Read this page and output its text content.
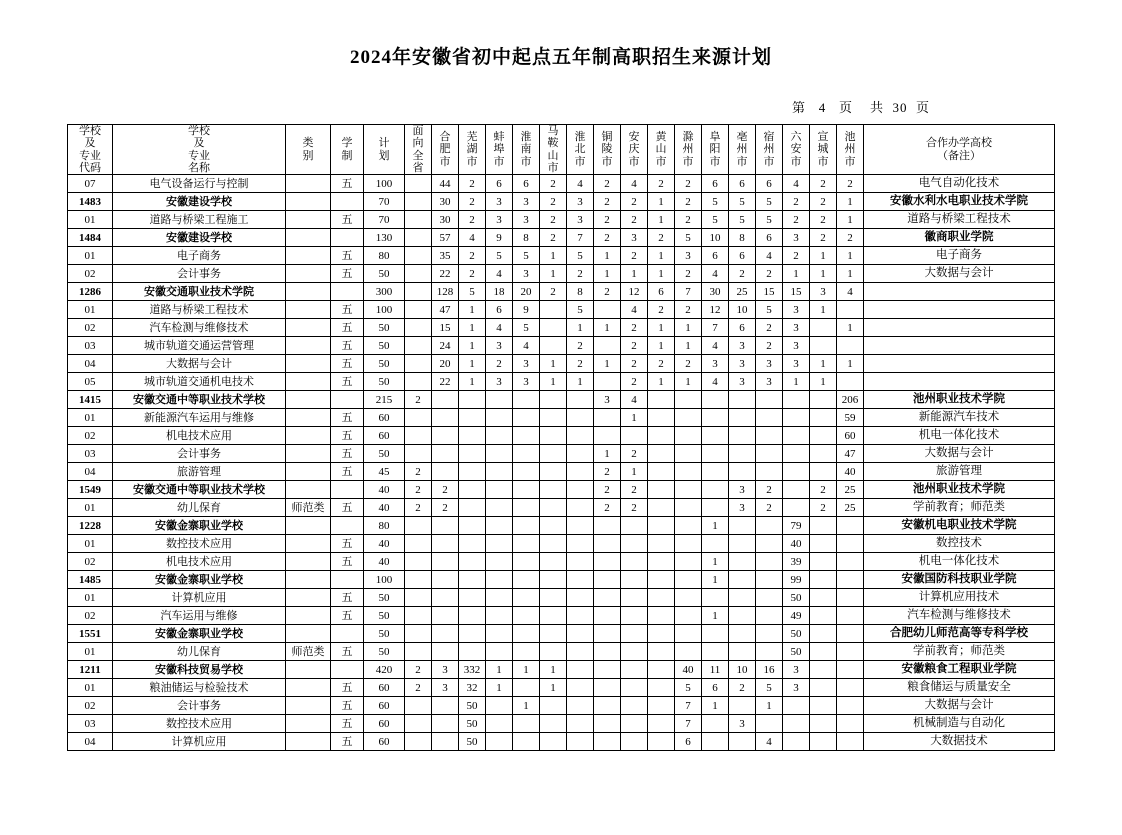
2024年安徽省初中起点五年制高职招生来源计划
第 4 页 共 30 页
学校
及
专业
代码	学校
及
专业
名称	类
别	学
制	计
划	面
向
全
省	合
肥
市	芜
湖
市	蚌
埠
市	淮
南
市	马
鞍
山
市	淮
北
市	铜
陵
市	安
庆
市	黄
山
市	滁
州
市	阜
阳
市	亳
州
市	宿
州
市	六
安
市	宣
城
市	池
州
市	合作办学高校
（备注）

07	电气设备运行与控制		五	100		44	2	6	6	2	4	2	4	2	2	6	6	6	4	2	2	电气自动化技术
1483	安徽建设学校			70		30	2	3	3	2	3	2	2	1	2	5	5	5	2	2	1	安徽水利水电职业技术学院
01	道路与桥梁工程施工		五	70		30	2	3	3	2	3	2	2	1	2	5	5	5	2	2	1	道路与桥梁工程技术
1484	安徽建设学校			130		57	4	9	8	2	7	2	3	2	5	10	8	6	3	2	2	徽商职业学院
01	电子商务		五	80		35	2	5	5	1	5	1	2	1	3	6	6	4	2	1	1	电子商务
02	会计事务		五	50		22	2	4	3	1	2	1	1	1	2	4	2	2	1	1	1	大数据与会计
1286	安徽交通职业技术学院			300		128	5	18	20	2	8	2	12	6	7	30	25	15	15	3	4	
01	道路与桥梁工程技术		五	100		47	1	6	9		5		4	2	2	12	10	5	3	1		
02	汽车检测与维修技术		五	50		15	1	4	5		1	1	2	1	1	7	6	2	3		1	
03	城市轨道交通运营管理		五	50		24	1	3	4		2		2	1	1	4	3	2	3			
04	大数据与会计		五	50		20	1	2	3	1	2	1	2	2	2	3	3	3	3	1	1	
05	城市轨道交通机电技术		五	50		22	1	3	3	1	1		2	1	1	4	3	3	1	1		
1415	安徽交通中等职业技术学校			215	2							3	4								206	池州职业技术学院
01	新能源汽车运用与维修		五	60									1								59	新能源汽车技术
02	机电技术应用		五	60																	60	机电一体化技术
03	会计事务		五	50								1	2								47	大数据与会计
04	旅游管理		五	45	2							2	1								40	旅游管理
1549	安徽交通中等职业技术学校			40	2	2						2	2				3	2		2	25	池州职业技术学院
01	幼儿保育	师范类	五	40	2	2						2	2				3	2		2	25	学前教育；师范类
1228	安徽金寨职业学校			80												1			79			安徽机电职业技术学院
01	数控技术应用		五	40															40			数控技术
02	机电技术应用		五	40												1			39			机电一体化技术
1485	安徽金寨职业学校			100												1			99			安徽国防科技职业学院
01	计算机应用		五	50															50			计算机应用技术
02	汽车运用与维修		五	50												1			49			汽车检测与维修技术
1551	安徽金寨职业学校			50															50			合肥幼儿师范高等专科学校
01	幼儿保育	师范类	五	50															50			学前教育；师范类
1211	安徽科技贸易学校			420	2	3	332	1	1	1					40	11	10	16	3			安徽粮食工程职业学院
01	粮油储运与检验技术		五	60	2	3	32	1		1					5	6	2	5	3			粮食储运与质量安全
02	会计事务		五	60			50		1						7	1		1				大数据与会计
03	数控技术应用		五	60			50								7		3					机械制造与自动化
04	计算机应用		五	60			50								6			4				大数据技术
